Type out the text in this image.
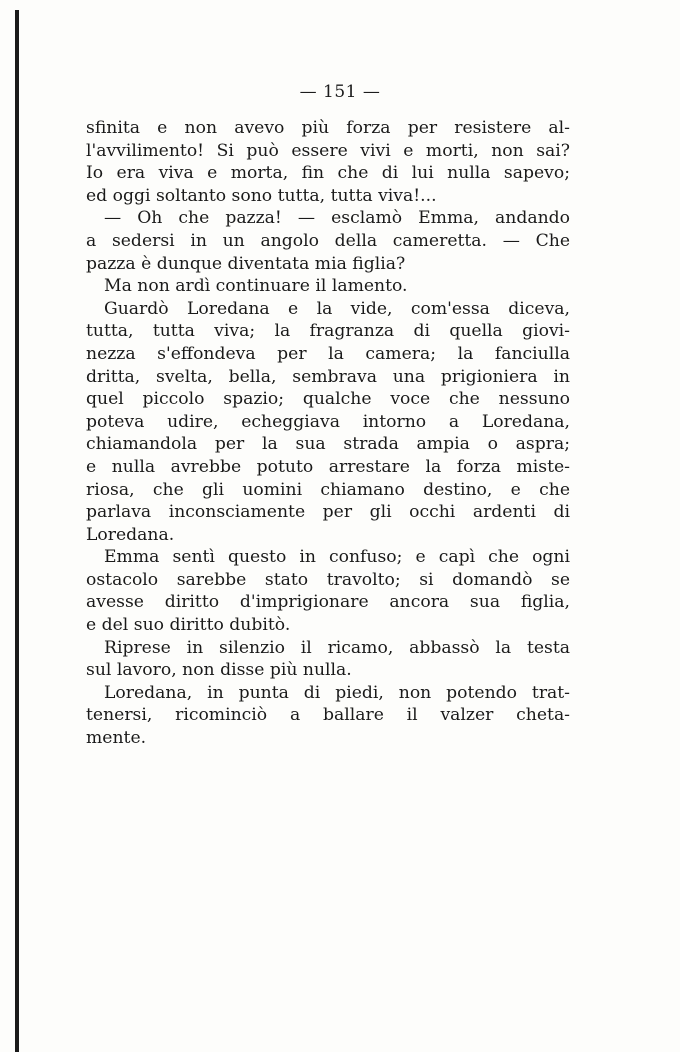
— 151 —
sfinita e non avevo più forza per resistere al-
l'avvilimento! Si può essere vivi e morti, non sai?
Io era viva e morta, fin che di lui nulla sapevo;
ed oggi soltanto sono tutta, tutta viva!...
— Oh che pazza! — esclamò Emma, andando
a sedersi in un angolo della cameretta. — Che
pazza è dunque diventata mia figlia?
Ma non ardì continuare il lamento.
Guardò Loredana e la vide, com'essa diceva,
tutta, tutta viva; la fragranza di quella giovi-
nezza s'effondeva per la camera; la fanciulla
dritta, svelta, bella, sembrava una prigioniera in
quel piccolo spazio; qualche voce che nessuno
poteva udire, echeggiava intorno a Loredana,
chiamandola per la sua strada ampia o aspra;
e nulla avrebbe potuto arrestare la forza miste-
riosa, che gli uomini chiamano destino, e che
parlava inconsciamente per gli occhi ardenti di
Loredana.
Emma sentì questo in confuso; e capì che ogni
ostacolo sarebbe stato travolto; si domandò se
avesse diritto d'imprigionare ancora sua figlia,
e del suo diritto dubitò.
Riprese in silenzio il ricamo, abbassò la testa
sul lavoro, non disse più nulla.
Loredana, in punta di piedi, non potendo trat-
tenersi, ricominciò a ballare il valzer cheta-
mente.
